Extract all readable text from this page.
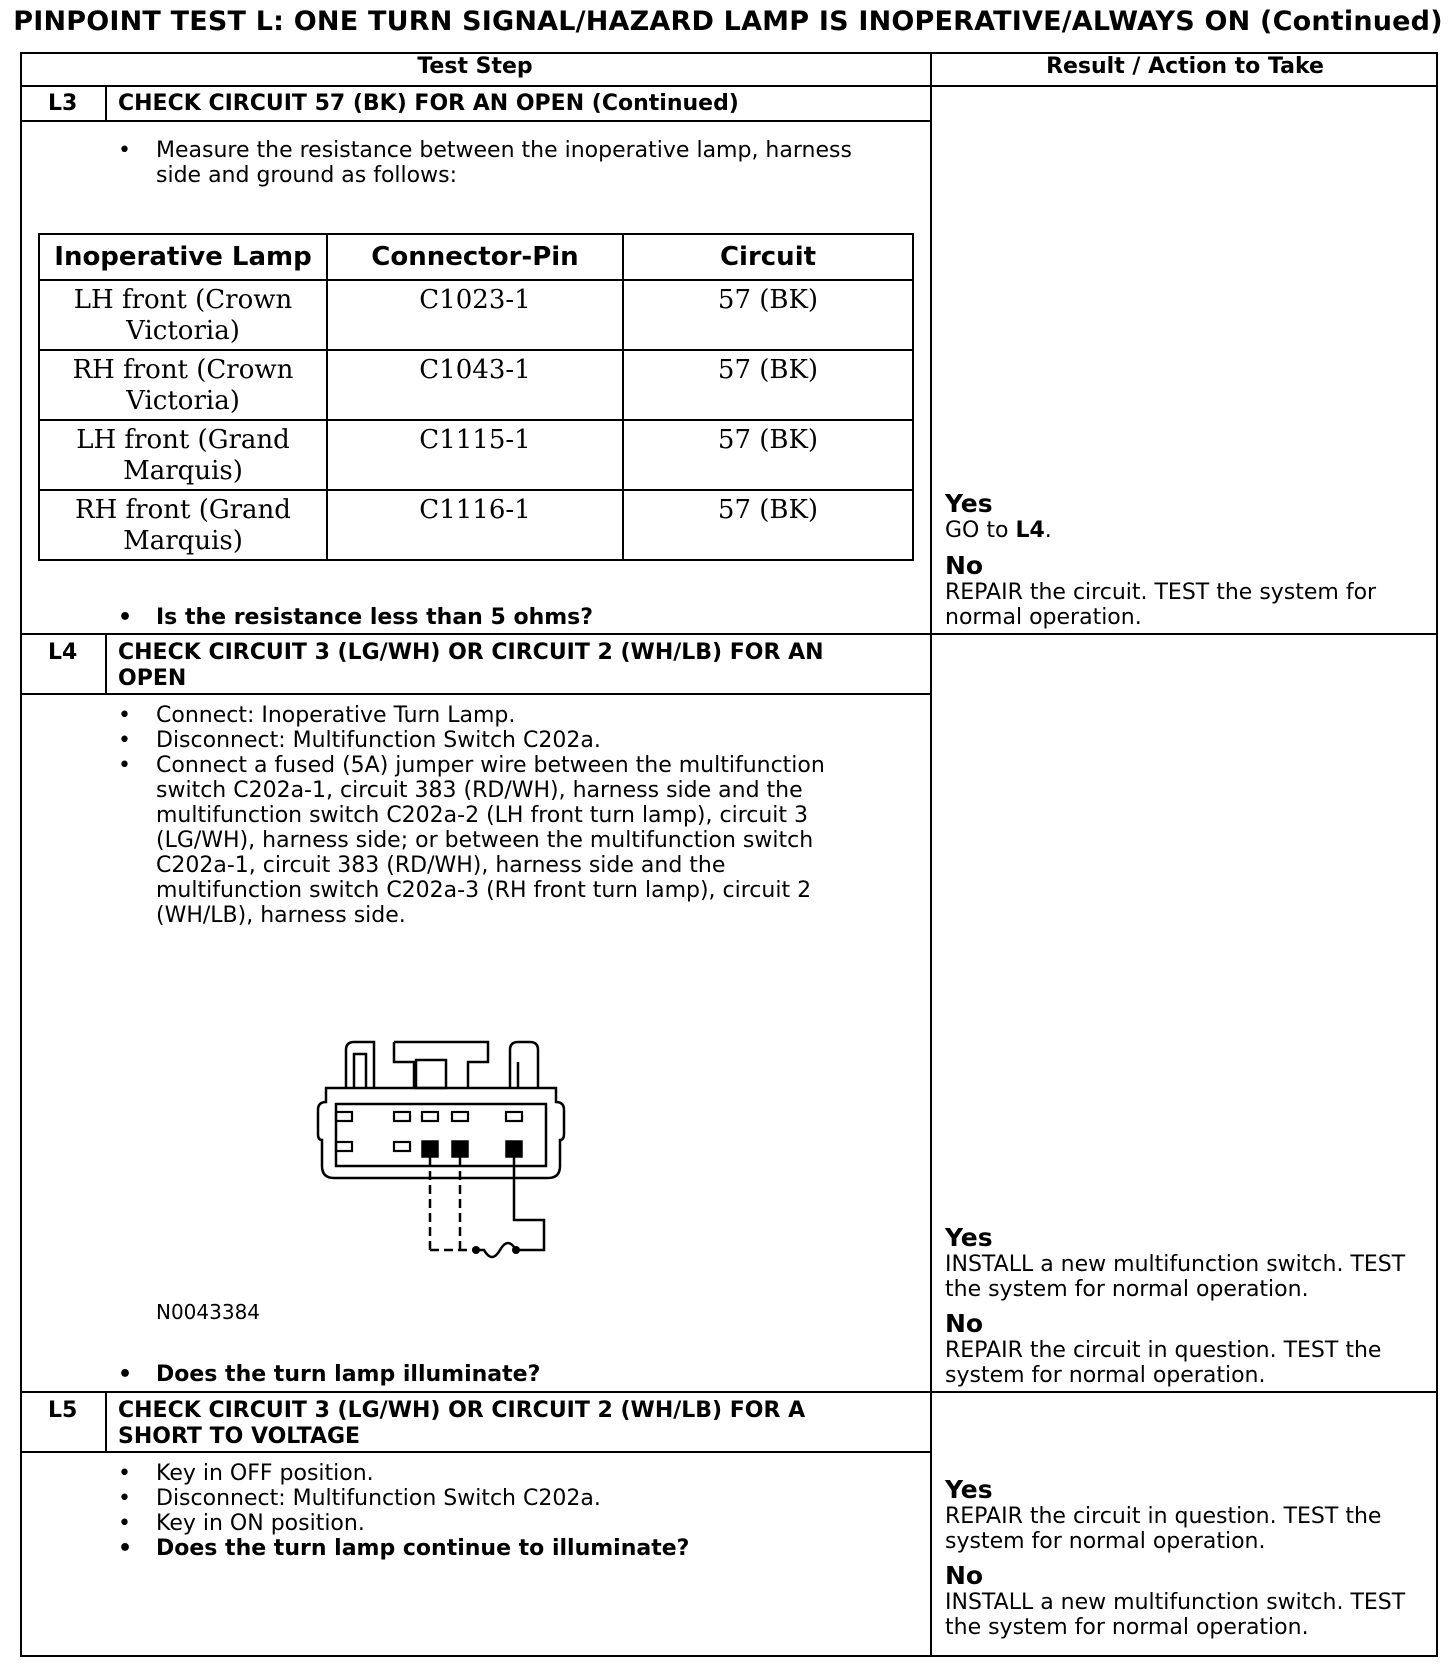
PINPOINT TEST L: ONE TURN SIGNAL/HAZARD LAMP IS INOPERATIVE/ALWAYS ON (Continued)
Test Step	Result / Action to Take
L3 CHECK CIRCUIT 57 (BK) FOR AN OPEN (Continued)
• Measure the resistance between the inoperative lamp, harness side and ground as follows:
Inoperative Lamp	Connector-Pin	Circuit
LH front (Crown Victoria)	C1023-1	57 (BK)
RH front (Crown Victoria)	C1043-1	57 (BK)
LH front (Grand Marquis)	C1115-1	57 (BK)
RH front (Grand Marquis)	C1116-1	57 (BK)
• Is the resistance less than 5 ohms?
Yes
GO to L4.
No
REPAIR the circuit. TEST the system for normal operation.
L4 CHECK CIRCUIT 3 (LG/WH) OR CIRCUIT 2 (WH/LB) FOR AN OPEN
• Connect: Inoperative Turn Lamp.
• Disconnect: Multifunction Switch C202a.
• Connect a fused (5A) jumper wire between the multifunction switch C202a-1, circuit 383 (RD/WH), harness side and the multifunction switch C202a-2 (LH front turn lamp), circuit 3 (LG/WH), harness side; or between the multifunction switch C202a-1, circuit 383 (RD/WH), harness side and the multifunction switch C202a-3 (RH front turn lamp), circuit 2 (WH/LB), harness side.
N0043384
• Does the turn lamp illuminate?
Yes
INSTALL a new multifunction switch. TEST the system for normal operation.
No
REPAIR the circuit in question. TEST the system for normal operation.
L5 CHECK CIRCUIT 3 (LG/WH) OR CIRCUIT 2 (WH/LB) FOR A SHORT TO VOLTAGE
• Key in OFF position.
• Disconnect: Multifunction Switch C202a.
• Key in ON position.
• Does the turn lamp continue to illuminate?
Yes
REPAIR the circuit in question. TEST the system for normal operation.
No
INSTALL a new multifunction switch. TEST the system for normal operation.
